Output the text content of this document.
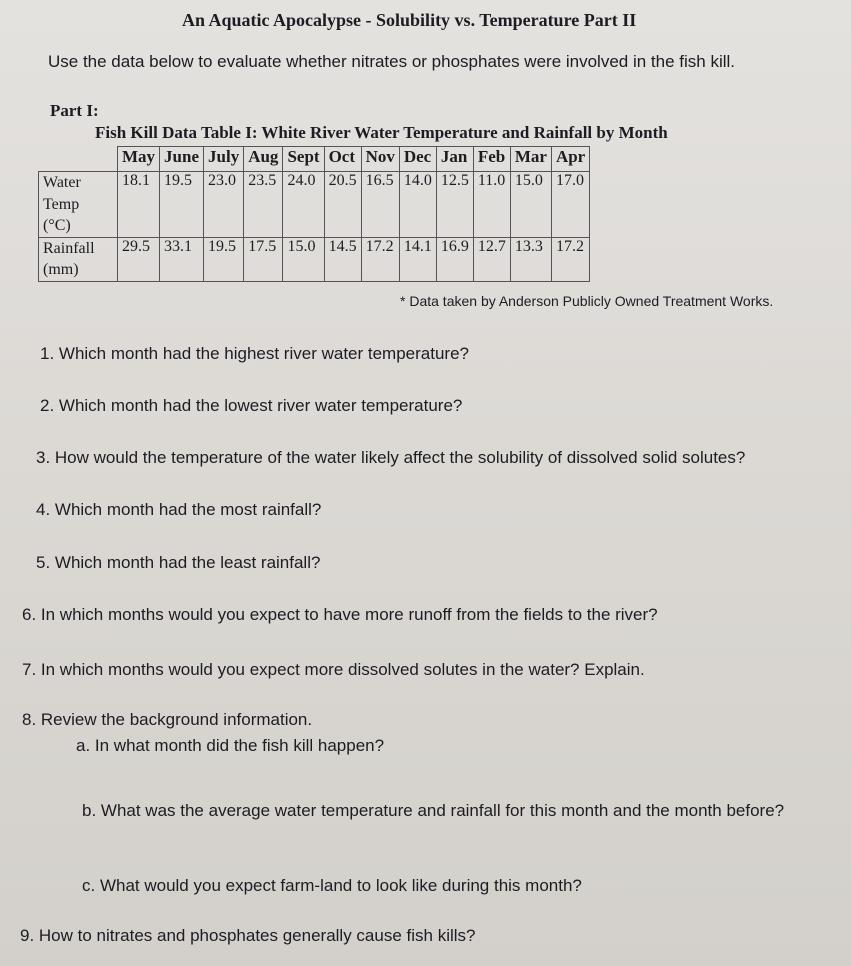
An Aquatic Apocalypse - Solubility vs. Temperature Part II
Use the data below to evaluate whether nitrates or phosphates were involved in the fish kill.
Part I:
Fish Kill Data Table I: White River Water Temperature and Rainfall by Month
	May	June	July	Aug	Sept	Oct	Nov	Dec	Jan	Feb	Mar	Apr
Water
Temp
(°C)	18.1	19.5	23.0	23.5	24.0	20.5	16.5	14.0	12.5	11.0	15.0	17.0
Rainfall
(mm)	29.5	33.1	19.5	17.5	15.0	14.5	17.2	14.1	16.9	12.7	13.3	17.2
* Data taken by Anderson Publicly Owned Treatment Works.
1. Which month had the highest river water temperature?
2. Which month had the lowest river water temperature?
3. How would the temperature of the water likely affect the solubility of dissolved solid solutes?
4. Which month had the most rainfall?
5. Which month had the least rainfall?
6. In which months would you expect to have more runoff from the fields to the river?
7. In which months would you expect more dissolved solutes in the water? Explain.
8. Review the background information.
a. In what month did the fish kill happen?
b. What was the average water temperature and rainfall for this month and the month before?
c. What would you expect farm-land to look like during this month?
9. How to nitrates and phosphates generally cause fish kills?
